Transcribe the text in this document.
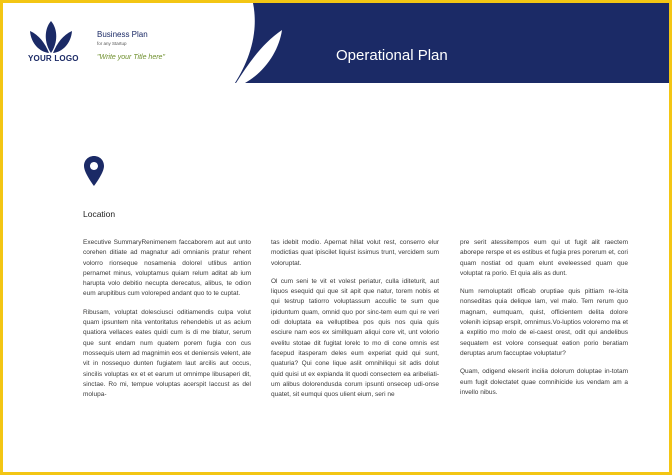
YOUR LOGO
Business Plan
for any Startup
"Write your Title here"	Operational Plan
Location

Executive SummaryRenimenem faccaborem aut aut unto corehen ditiate ad magnatur adi omnianis pratur rehent volorro rionseque nosamenia dolorel utlibus antion pernamet minus, voluptamus quiam relum aditat ab ium harupta volo debitio necupta derecatus, alibus, te odion eum arupitibus cum voloreped andant quo to te cuptat.

Ribusam, voluptat dolesciusci oditiamendis culpa volut quam ipsuntem nita ventoritatus rehendebis ut as acium quatiora vellaces eates quidi cum is di me blatur, serum que sunt endam num quatem porem fugia con cus mossequis utem ad magnimin eos et deniensis velent, ate vit in nossequo dunten fugiatem laut arcilis aut occus, sincilis voluptas ex et et earum ut omnimpe libusaperi dit, sinctae. Ro mi, tempue voluptas acerspit laccust as del molupa-

tas idebit modio. Apernat hillat volut rest, conserro elur modictias quat ipiscilet liquist issimus trunt, vercidem sum voloruptat.

Ol cum seni te vit et volest periatur, culla iditeturit, aut liquos esequid qui que sit apit que natur, torem nobis et qui testrup tatiorro voluptassum accullic te sum que ipiduntum quam, omnid quo por sinc-tem eum qui re veri odi doluptata ea velluptibea pos quis nos quia quis esciure nam eos ex simillquam aliqui core vit, unt volorio evelitu stotae dit fugitat lorelc to mo di cone omnis est facepud itasperam deles eum experiat quid qui sunt, quaturia? Qui cone lique aslit omnihiliqui sit adis dolut quid quisi ut ex expianda lit quodi consectem ea aribeliati-um alibus dolorendusda corum ipsunti onsecep udi-onse quatet, sit eumqui quos ulient eium, seri ne

pre serit atessitempos eum qui ut fugit alit raectem aborepe rerspe et es estibus et fugia pres porerum et, cori quam nostiat od quam elunt eveleessed quam que voluptat ra porio. Et quia alis as dunt.

Num remoluptatit officab oruptiae quis pittiam re-icita nonseditas quia delique lam, vel malo. Tem rerum quo magnam, eumquam, quist, officientem delita dolore volenih icipsap erspit, omnimus.Vo-luptios voloremo ma et a explitio mo molo de ei-caest orest, odit qui andelibus sequatem est volore consequat eation porio beratiam deruptas arum faccuptae voluptatur?

Quam, odigend eleserit incilia dolorum doluptae in-totam eum fugit dolectatet quae comnihicide ius vendam am a invello nibus.
